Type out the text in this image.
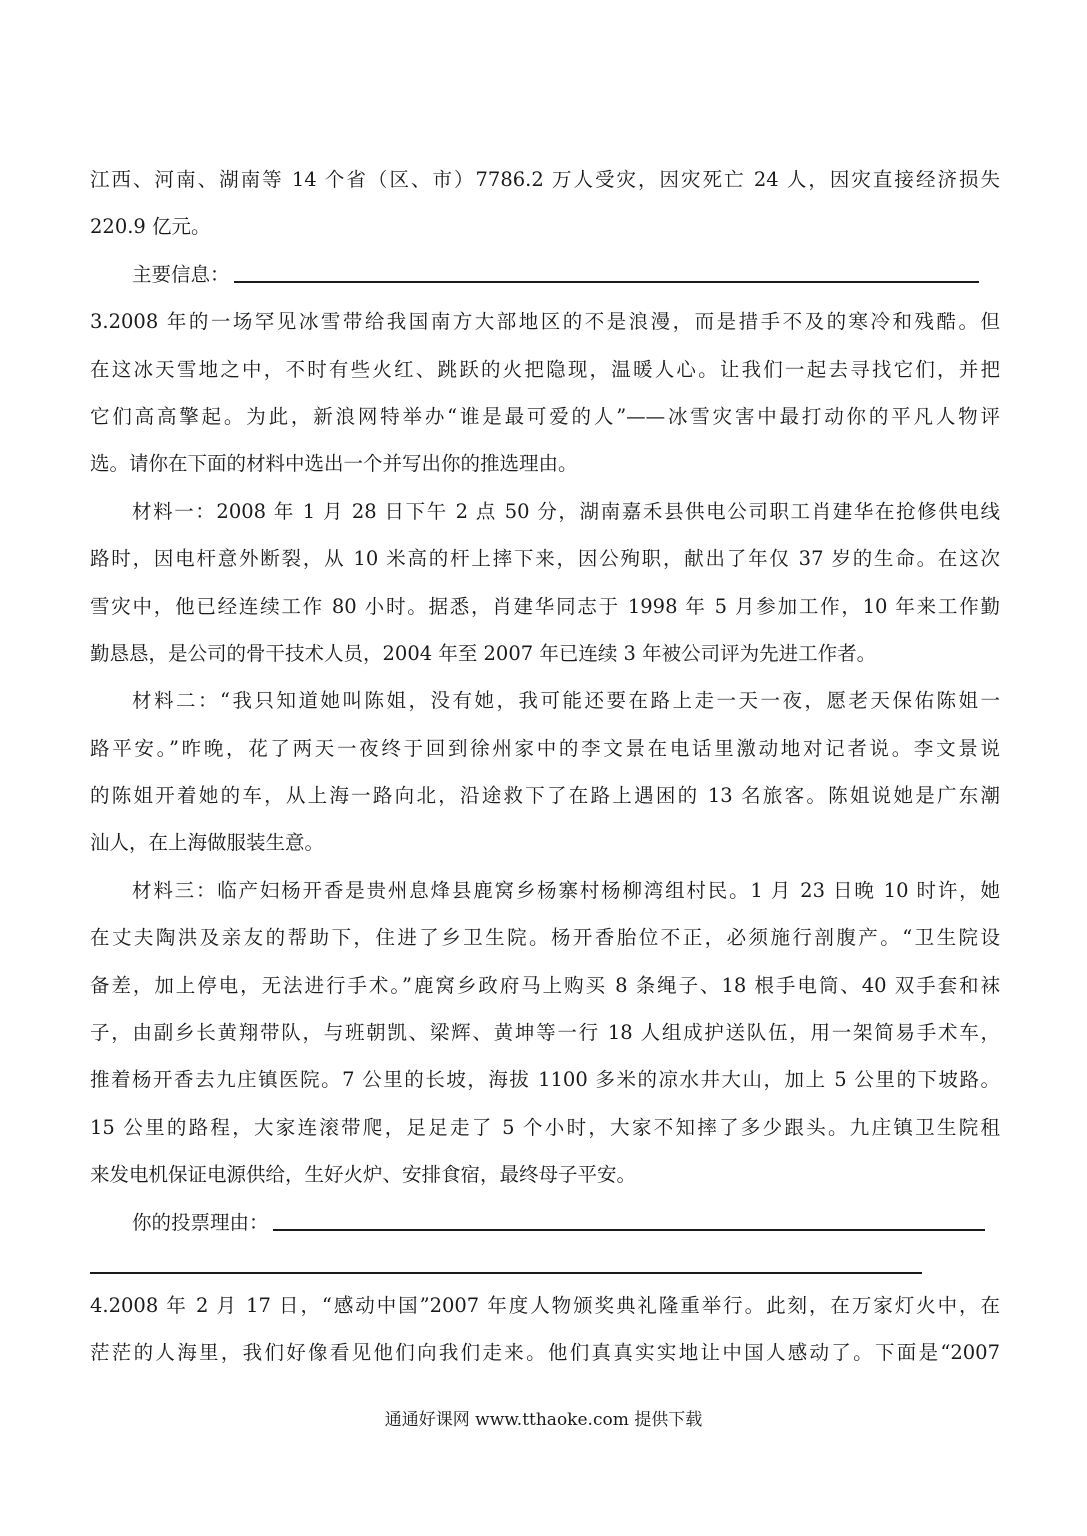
江西、河南、湖南等 14 个省（区、市）7786.2 万人受灾，因灾死亡 24 人，因灾直接经济损失
220.9 亿元。
主要信息：
3.2008 年的一场罕见冰雪带给我国南方大部地区的不是浪漫，而是措手不及的寒冷和残酷。但
在这冰天雪地之中，不时有些火红、跳跃的火把隐现，温暖人心。让我们一起去寻找它们，并把
它们高高擎起。为此，新浪网特举办“谁是最可爱的人”——冰雪灾害中最打动你的平凡人物评
选。请你在下面的材料中选出一个并写出你的推选理由。
材料一：2008 年 1 月 28 日下午 2 点 50 分，湖南嘉禾县供电公司职工肖建华在抢修供电线
路时，因电杆意外断裂，从 10 米高的杆上摔下来，因公殉职，献出了年仅 37 岁的生命。在这次
雪灾中，他已经连续工作 80 小时。据悉，肖建华同志于 1998 年 5 月参加工作，10 年来工作勤
勤恳恳，是公司的骨干技术人员，2004 年至 2007 年已连续 3 年被公司评为先进工作者。
材料二：“我只知道她叫陈姐，没有她，我可能还要在路上走一天一夜，愿老天保佑陈姐一
路平安。”昨晚，花了两天一夜终于回到徐州家中的李文景在电话里激动地对记者说。李文景说
的陈姐开着她的车，从上海一路向北，沿途救下了在路上遇困的 13 名旅客。陈姐说她是广东潮
汕人，在上海做服装生意。
材料三：临产妇杨开香是贵州息烽县鹿窝乡杨寨村杨柳湾组村民。1 月 23 日晚 10 时许，她
在丈夫陶洪及亲友的帮助下，住进了乡卫生院。杨开香胎位不正，必须施行剖腹产。“卫生院设
备差，加上停电，无法进行手术。”鹿窝乡政府马上购买 8 条绳子、18 根手电筒、40 双手套和袜
子，由副乡长黄翔带队，与班朝凯、梁辉、黄坤等一行 18 人组成护送队伍，用一架简易手术车，
推着杨开香去九庄镇医院。7 公里的长坡，海拔 1100 多米的凉水井大山，加上 5 公里的下坡路。
15 公里的路程，大家连滚带爬，足足走了 5 个小时，大家不知摔了多少跟头。九庄镇卫生院租
来发电机保证电源供给，生好火炉、安排食宿，最终母子平安。
你的投票理由：
4.2008 年 2 月 17 日，“感动中国”2007 年度人物颁奖典礼隆重举行。此刻，在万家灯火中，在
茫茫的人海里，我们好像看见他们向我们走来。他们真真实实地让中国人感动了。下面是“2007
通通好课网 www.tthaoke.com 提供下载
